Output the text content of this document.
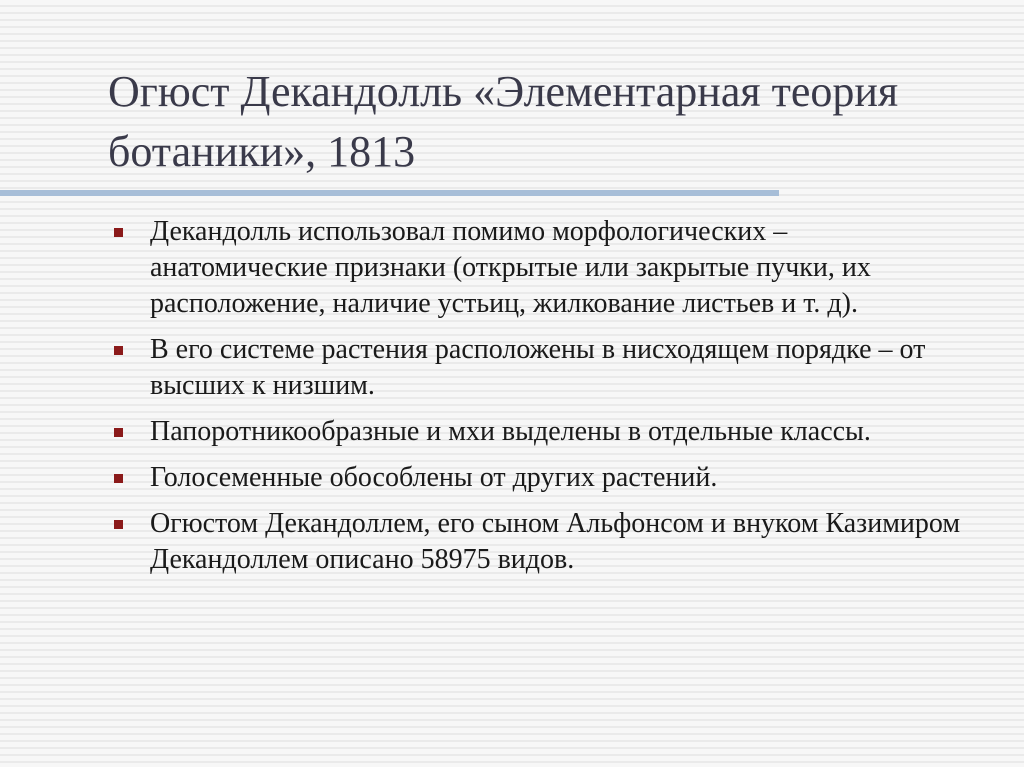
Огюст Декандолль «Элементарная теория ботаники», 1813
Декандолль использовал помимо морфологических – анатомические признаки (открытые или закрытые пучки, их расположение, наличие устьиц, жилкование листьев и т. д).
В его системе растения расположены в нисходящем порядке – от высших к низшим.
Папоротникообразные и мхи выделены в отдельные классы.
Голосеменные обособлены от других растений.
Огюстом Декандоллем, его сыном Альфонсом и внуком Казимиром Декандоллем описано 58975 видов.
